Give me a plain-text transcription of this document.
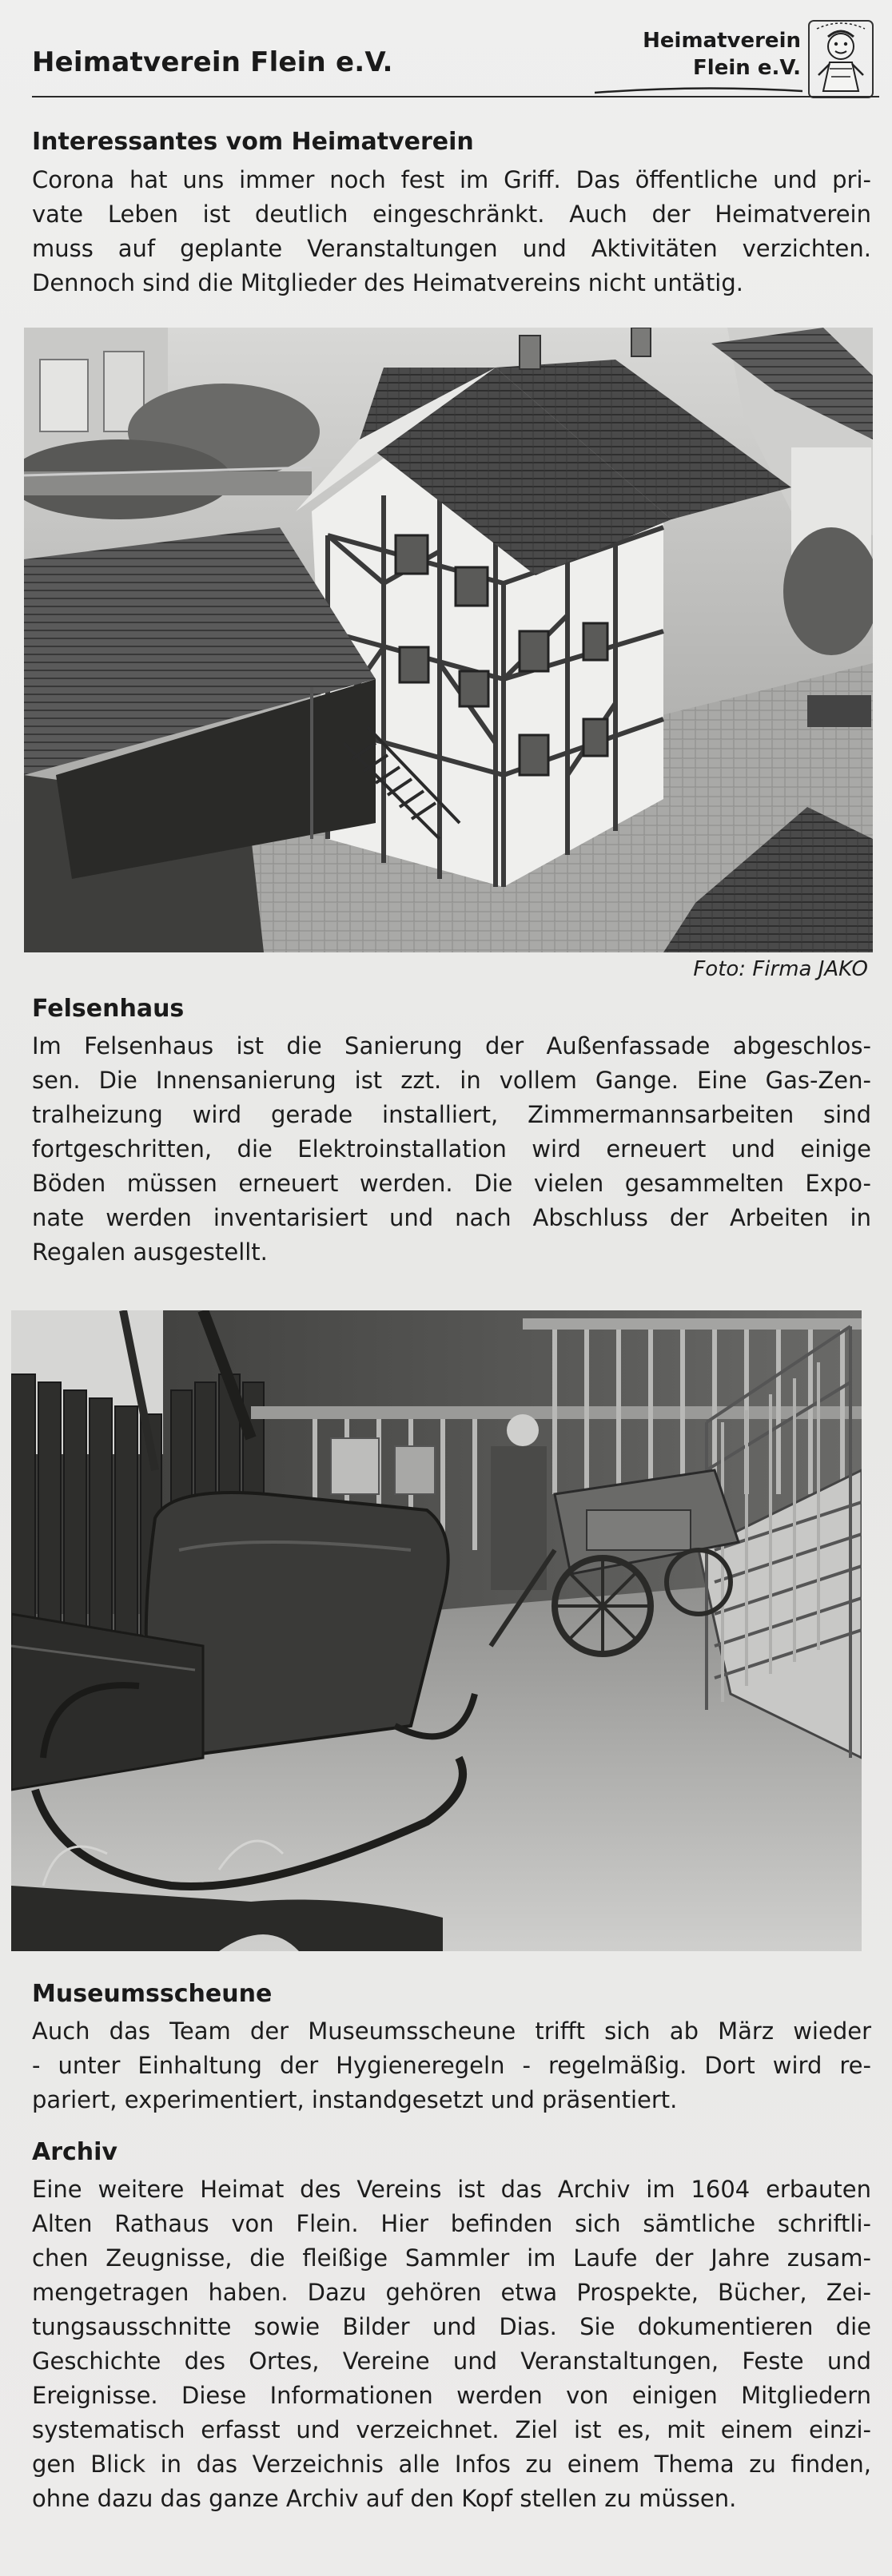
Heimatverein Flein e.V.
Heimatverein
Flein e.V.
Interessantes vom Heimatverein
Corona hat uns immer noch fest im Griff. Das öffentliche und pri-
vate Leben ist deutlich eingeschränkt. Auch der Heimatverein
muss auf geplante Veranstaltungen und Aktivitäten verzichten.
Dennoch sind die Mitglieder des Heimatvereins nicht untätig.
Foto: Firma JAKO
Felsenhaus
Im Felsenhaus ist die Sanierung der Außenfassade abgeschlos-
sen. Die Innensanierung ist zzt. in vollem Gange. Eine Gas-Zen-
tralheizung wird gerade installiert, Zimmermannsarbeiten sind
fortgeschritten, die Elektroinstallation wird erneuert und einige
Böden müssen erneuert werden. Die vielen gesammelten Expo-
nate werden inventarisiert und nach Abschluss der Arbeiten in
Regalen ausgestellt.
Museumsscheune
Auch das Team der Museumsscheune trifft sich ab März wieder
- unter Einhaltung der Hygieneregeln - regelmäßig. Dort wird re-
pariert, experimentiert, instandgesetzt und präsentiert.
Archiv
Eine weitere Heimat des Vereins ist das Archiv im 1604 erbauten
Alten Rathaus von Flein. Hier befinden sich sämtliche schriftli-
chen Zeugnisse, die fleißige Sammler im Laufe der Jahre zusam-
mengetragen haben. Dazu gehören etwa Prospekte, Bücher, Zei-
tungsausschnitte sowie Bilder und Dias. Sie dokumentieren die
Geschichte des Ortes, Vereine und Veranstaltungen, Feste und
Ereignisse. Diese Informationen werden von einigen Mitgliedern
systematisch erfasst und verzeichnet. Ziel ist es, mit einem einzi-
gen Blick in das Verzeichnis alle Infos zu einem Thema zu finden,
ohne dazu das ganze Archiv auf den Kopf stellen zu müssen.
